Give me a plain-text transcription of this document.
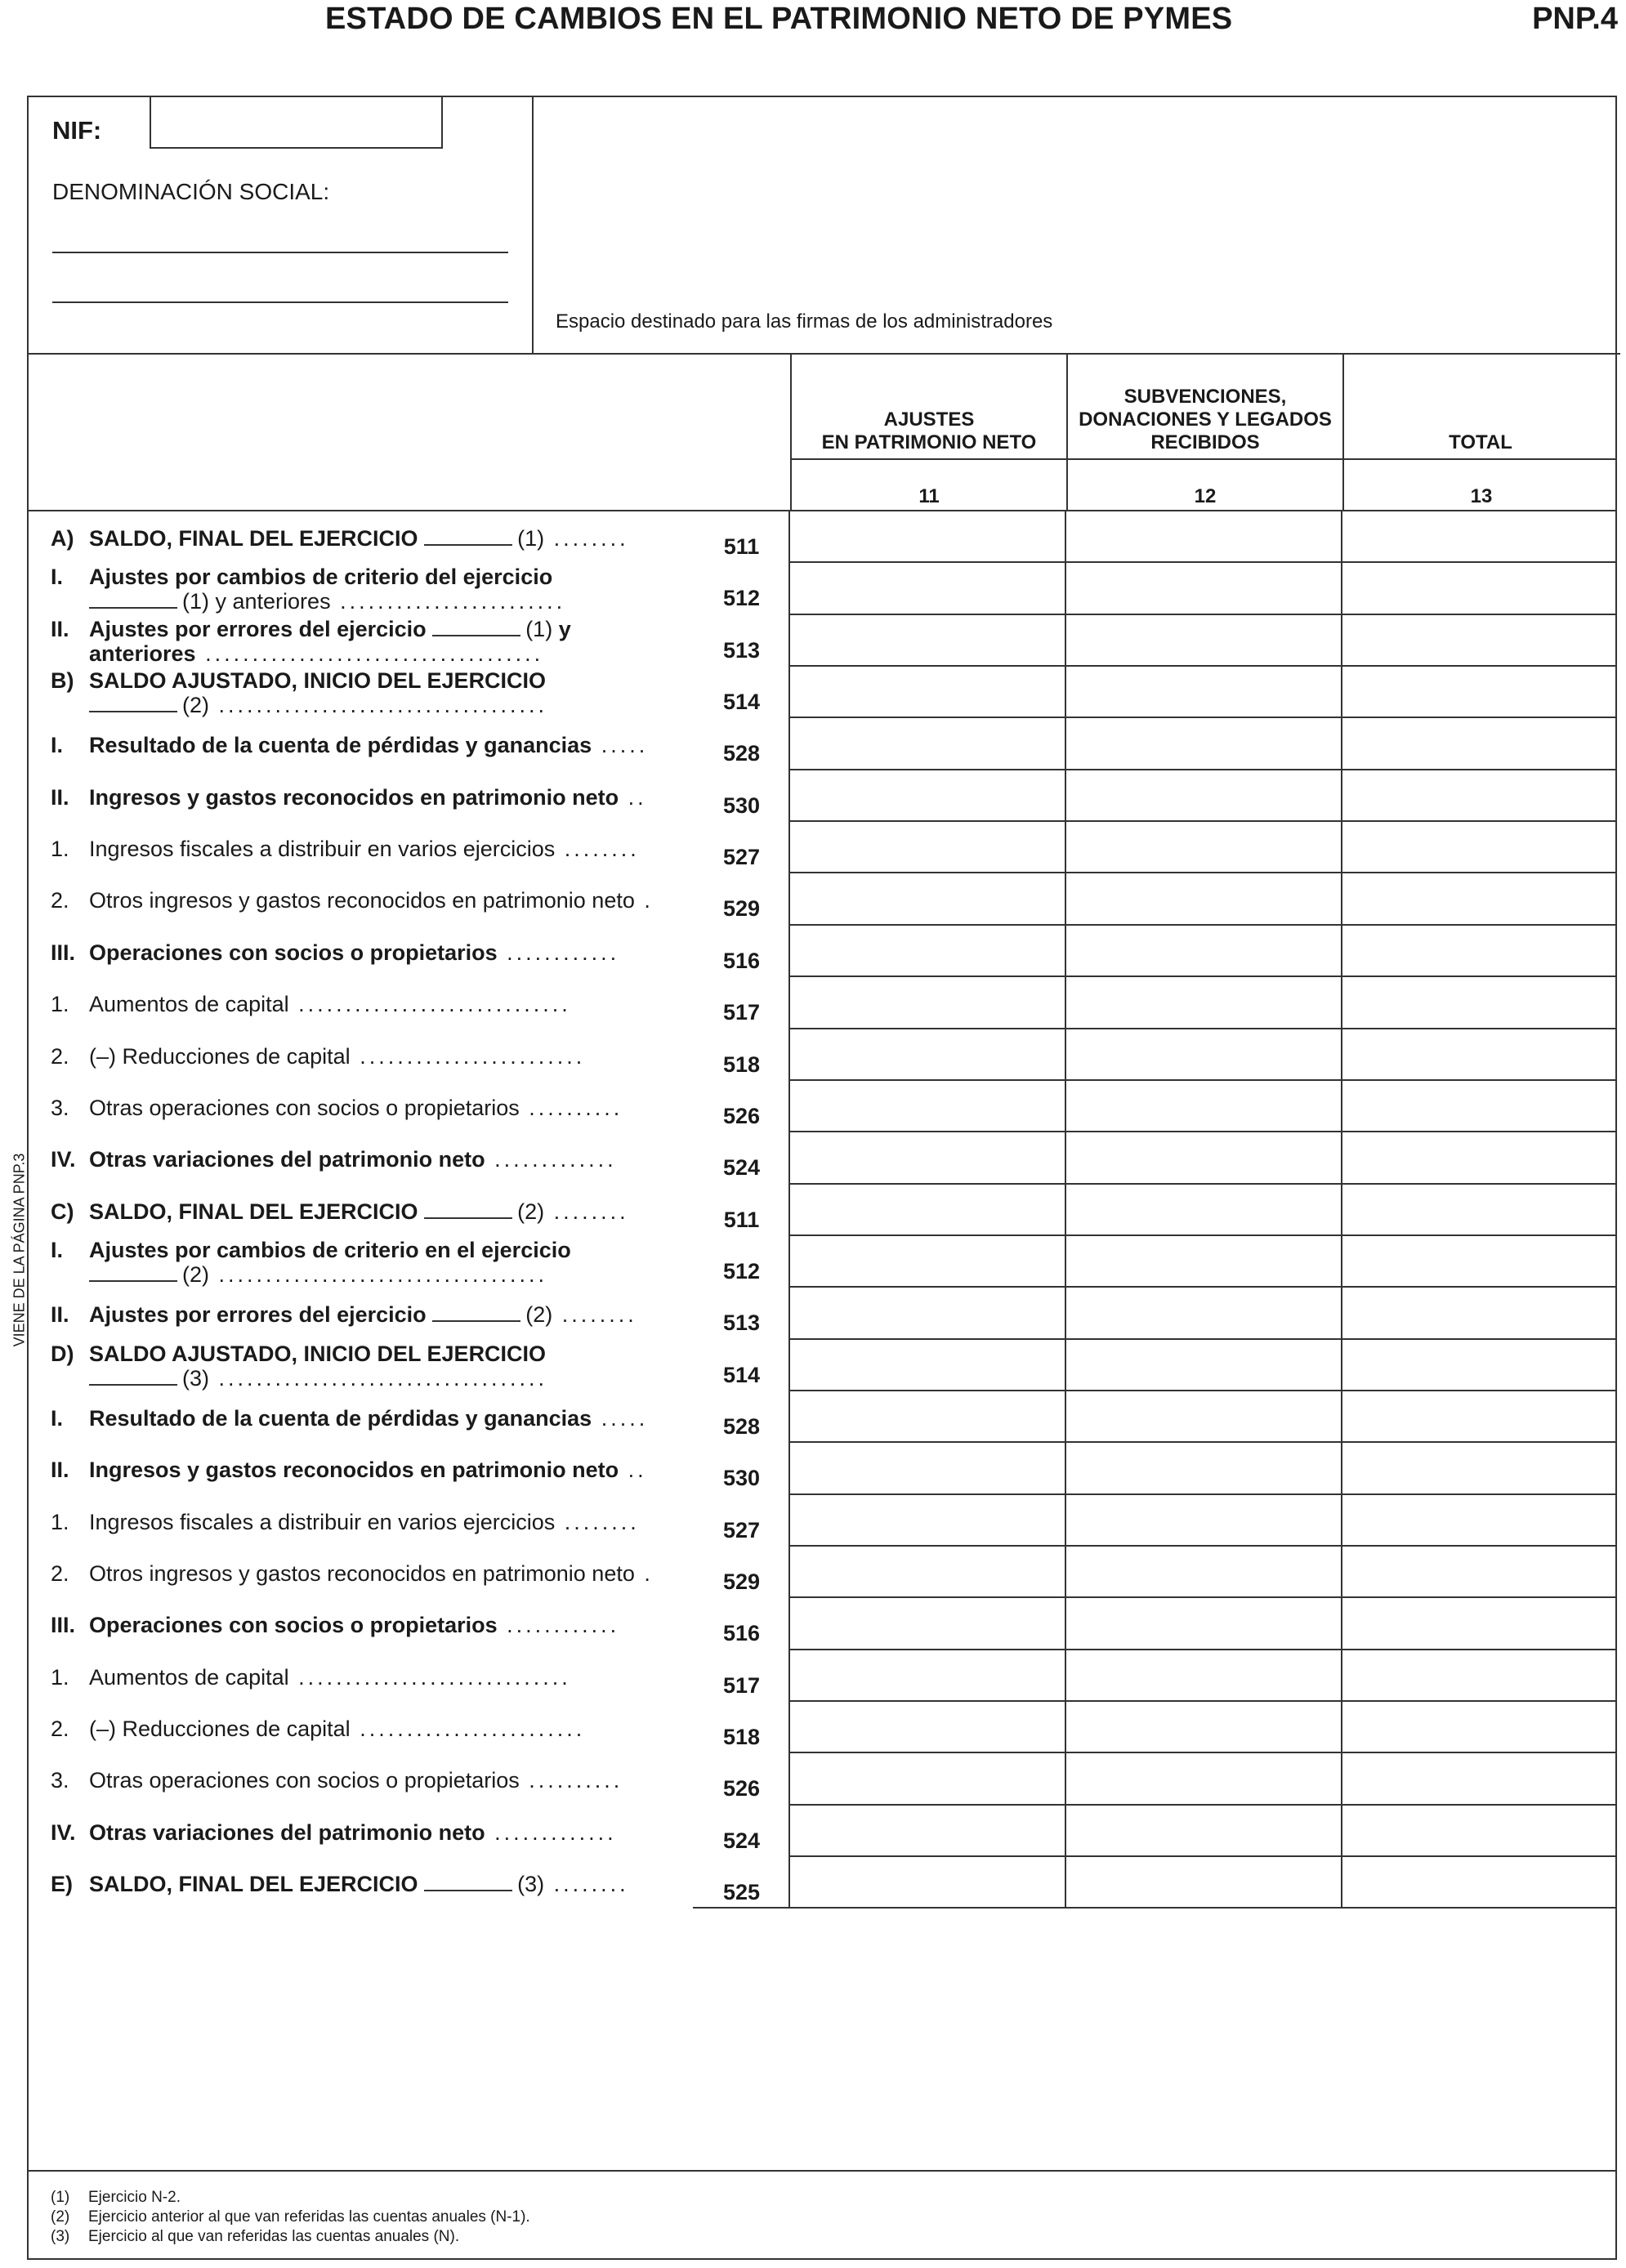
ESTADO DE CAMBIOS EN EL PATRIMONIO NETO DE PYMES	PNP.4
VIENE DE LA PÁGINA PNP.3
NIF:
DENOMINACIÓN SOCIAL:
Espacio destinado para las firmas de los administradores
AJUSTES
EN PATRIMONIO NETO
SUBVENCIONES,
DONACIONES Y LEGADOS
RECIBIDOS	TOTAL
11	12	13
A) SALDO, FINAL DEL EJERCICIO	(1) ........	511
I. Ajustes por cambios de criterio del ejercicio
(1) y anteriores ........................	512
II. Ajustes por errores del ejercicio	(1) y
anteriores ....................................	513
B) SALDO AJUSTADO, INICIO DEL EJERCICIO
(2) ...................................	514
I. Resultado de la cuenta de pérdidas y ganancias .....	528
II. Ingresos y gastos reconocidos en patrimonio neto ..	530
1. Ingresos fiscales a distribuir en varios ejercicios ........	527
2. Otros ingresos y gastos reconocidos en patrimonio neto .	529
III. Operaciones con socios o propietarios ............	516
1. Aumentos de capital .............................	517
2. (–) Reducciones de capital ........................	518
3. Otras operaciones con socios o propietarios ..........	526
IV. Otras variaciones del patrimonio neto .............	524
C) SALDO, FINAL DEL EJERCICIO	(2) ........	511
I. Ajustes por cambios de criterio en el ejercicio
(2) ...................................	512
II. Ajustes por errores del ejercicio	(2) ........	513
D) SALDO AJUSTADO, INICIO DEL EJERCICIO
(3) ...................................	514
I. Resultado de la cuenta de pérdidas y ganancias .....	528
II. Ingresos y gastos reconocidos en patrimonio neto ..	530
1. Ingresos fiscales a distribuir en varios ejercicios ........	527
2. Otros ingresos y gastos reconocidos en patrimonio neto .	529
III. Operaciones con socios o propietarios ............	516
1. Aumentos de capital .............................	517
2. (–) Reducciones de capital ........................	518
3. Otras operaciones con socios o propietarios ..........	526
IV. Otras variaciones del patrimonio neto .............	524
E) SALDO, FINAL DEL EJERCICIO	(3) ........	525
(1) Ejercicio N-2.
(2) Ejercicio anterior al que van referidas las cuentas anuales (N-1).
(3) Ejercicio al que van referidas las cuentas anuales (N).
